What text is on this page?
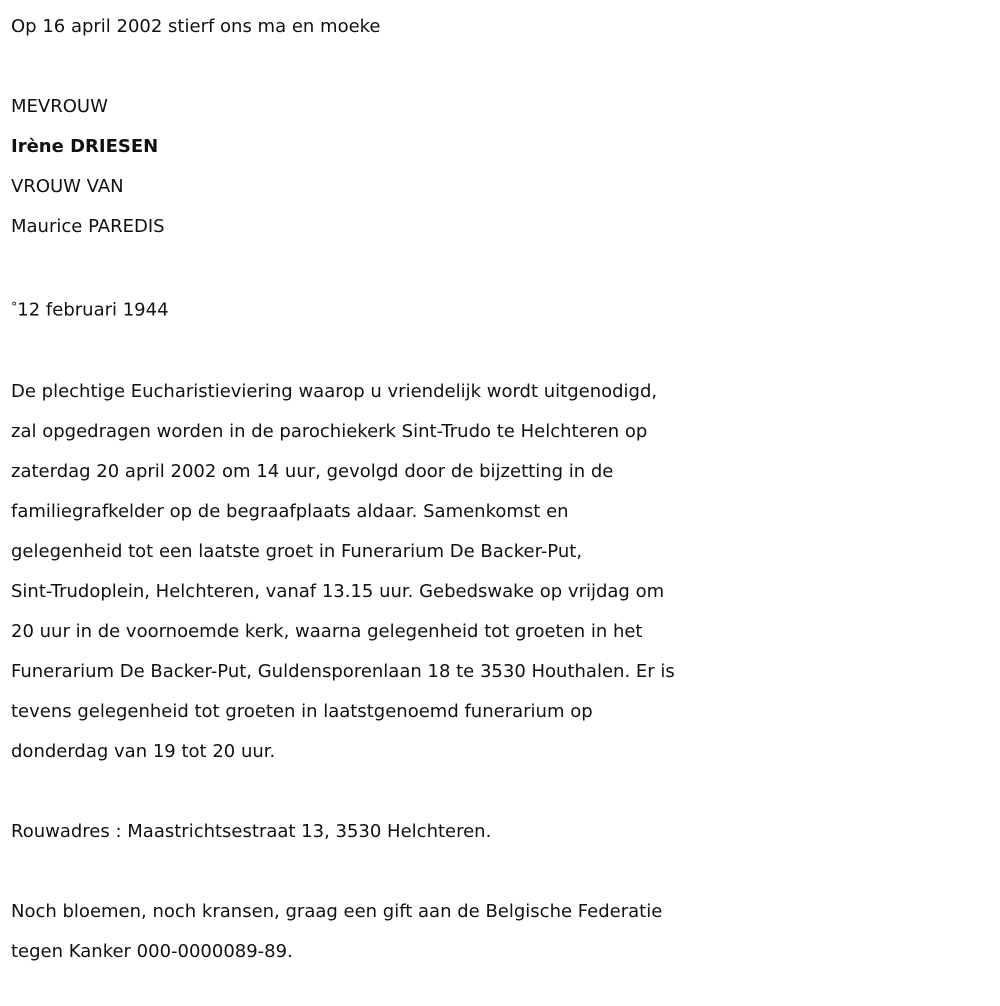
Op 16 april 2002 stierf ons ma en moeke
MEVROUW
Irène DRIESEN
VROUW VAN
Maurice PAREDIS
°12 februari 1944
De plechtige Eucharistieviering waarop u vriendelijk wordt uitgenodigd,
zal opgedragen worden in de parochiekerk Sint-Trudo te Helchteren op
zaterdag 20 april 2002 om 14 uur, gevolgd door de bijzetting in de
familiegrafkelder op de begraafplaats aldaar. Samenkomst en
gelegenheid tot een laatste groet in Funerarium De Backer-Put,
Sint-Trudoplein, Helchteren, vanaf 13.15 uur. Gebedswake op vrijdag om
20 uur in de voornoemde kerk, waarna gelegenheid tot groeten in het
Funerarium De Backer-Put, Guldensporenlaan 18 te 3530 Houthalen. Er is
tevens gelegenheid tot groeten in laatstgenoemd funerarium op
donderdag van 19 tot 20 uur.
Rouwadres : Maastrichtsestraat 13, 3530 Helchteren.
Noch bloemen, noch kransen, graag een gift aan de Belgische Federatie
tegen Kanker 000-0000089-89.
